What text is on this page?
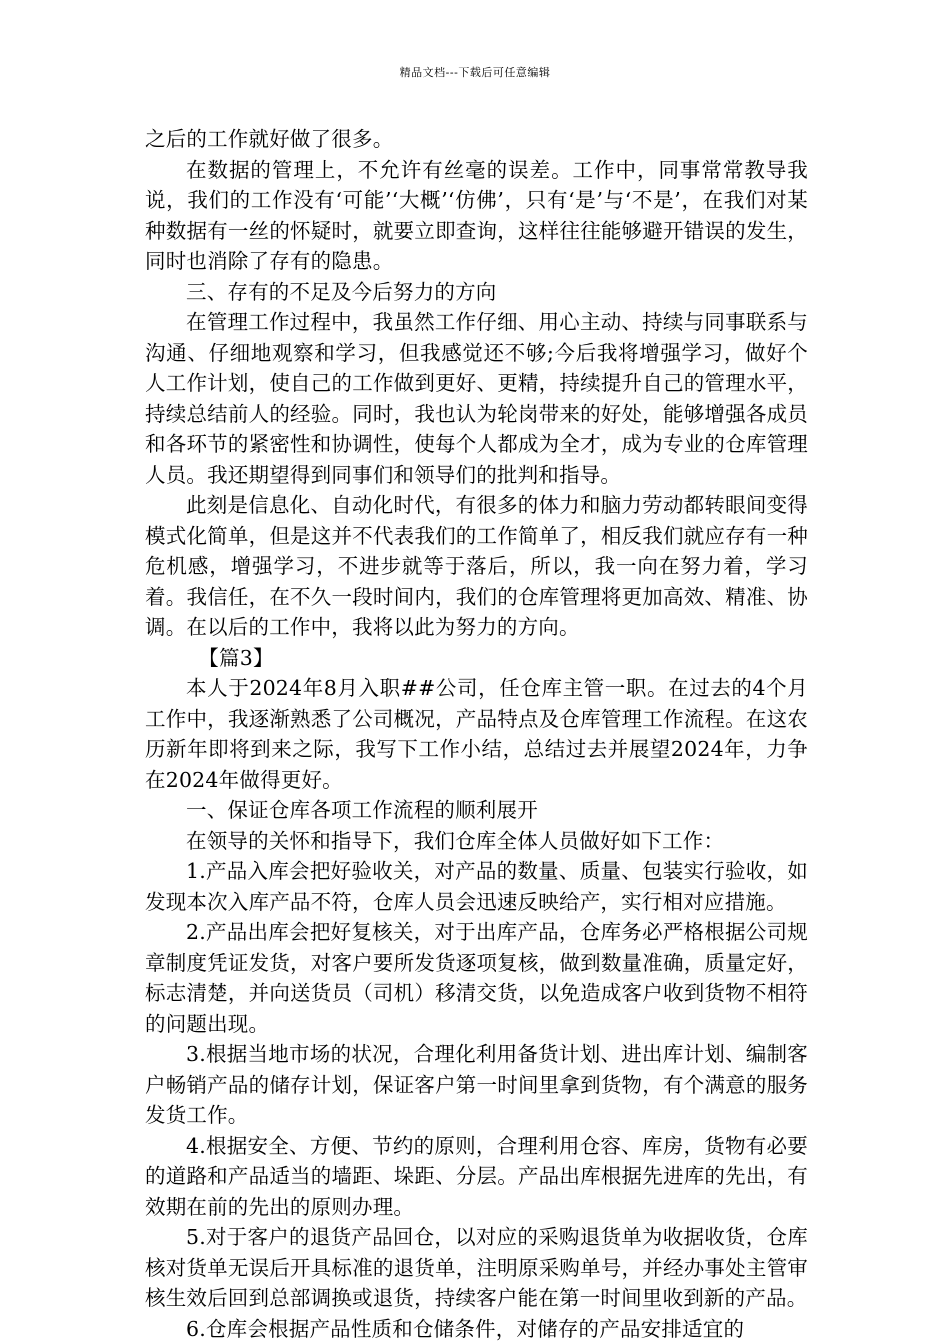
精品文档---下载后可任意编辑

之后的工作就好做了很多。

在数据的管理上，不允许有丝毫的误差。工作中，同事常常教导我说，我们的工作没有‘可能’‘大概’‘仿佛’，只有‘是’与‘不是’，在我们对某种数据有一丝的怀疑时，就要立即查询，这样往往能够避开错误的发生，同时也消除了存有的隐患。

三、存有的不足及今后努力的方向

在管理工作过程中，我虽然工作仔细、用心主动、持续与同事联系与沟通、仔细地观察和学习，但我感觉还不够;今后我将增强学习，做好个人工作计划，使自己的工作做到更好、更精，持续提升自己的管理水平，持续总结前人的经验。同时，我也认为轮岗带来的好处，能够增强各成员和各环节的紧密性和协调性，使每个人都成为全才，成为专业的仓库管理人员。我还期望得到同事们和领导们的批判和指导。

此刻是信息化、自动化时代，有很多的体力和脑力劳动都转眼间变得模式化简单，但是这并不代表我们的工作简单了，相反我们就应存有一种危机感，增强学习，不进步就等于落后，所以，我一向在努力着，学习着。我信任，在不久一段时间内，我们的仓库管理将更加高效、精准、协调。在以后的工作中，我将以此为努力的方向。

【篇3】

本人于2024年8月入职##公司，任仓库主管一职。在过去的4个月工作中，我逐渐熟悉了公司概况，产品特点及仓库管理工作流程。在这农历新年即将到来之际，我写下工作小结，总结过去并展望2024年，力争在2024年做得更好。

一、保证仓库各项工作流程的顺利展开

在领导的关怀和指导下，我们仓库全体人员做好如下工作：

1.产品入库会把好验收关，对产品的数量、质量、包装实行验收，如发现本次入库产品不符，仓库人员会迅速反映给产，实行相对应措施。

2.产品出库会把好复核关，对于出库产品，仓库务必严格根据公司规章制度凭证发货，对客户要所发货逐项复核，做到数量准确，质量定好，标志清楚，并向送货员（司机）移清交货，以免造成客户收到货物不相符的问题出现。

3.根据当地市场的状况，合理化利用备货计划、进出库计划、编制客户畅销产品的储存计划，保证客户第一时间里拿到货物，有个满意的服务发货工作。

4.根据安全、方便、节约的原则，合理利用仓容、库房，货物有必要的道路和产品适当的墙距、垛距、分层。产品出库根据先进库的先出，有效期在前的先出的原则办理。

5.对于客户的退货产品回仓，以对应的采购退货单为收据收货，仓库核对货单无误后开具标准的退货单，注明原采购单号，并经办事处主管审核生效后回到总部调换或退货，持续客户能在第一时间里收到新的产品。

6.仓库会根据产品性质和仓储条件，对储存的产品安排适宜的
